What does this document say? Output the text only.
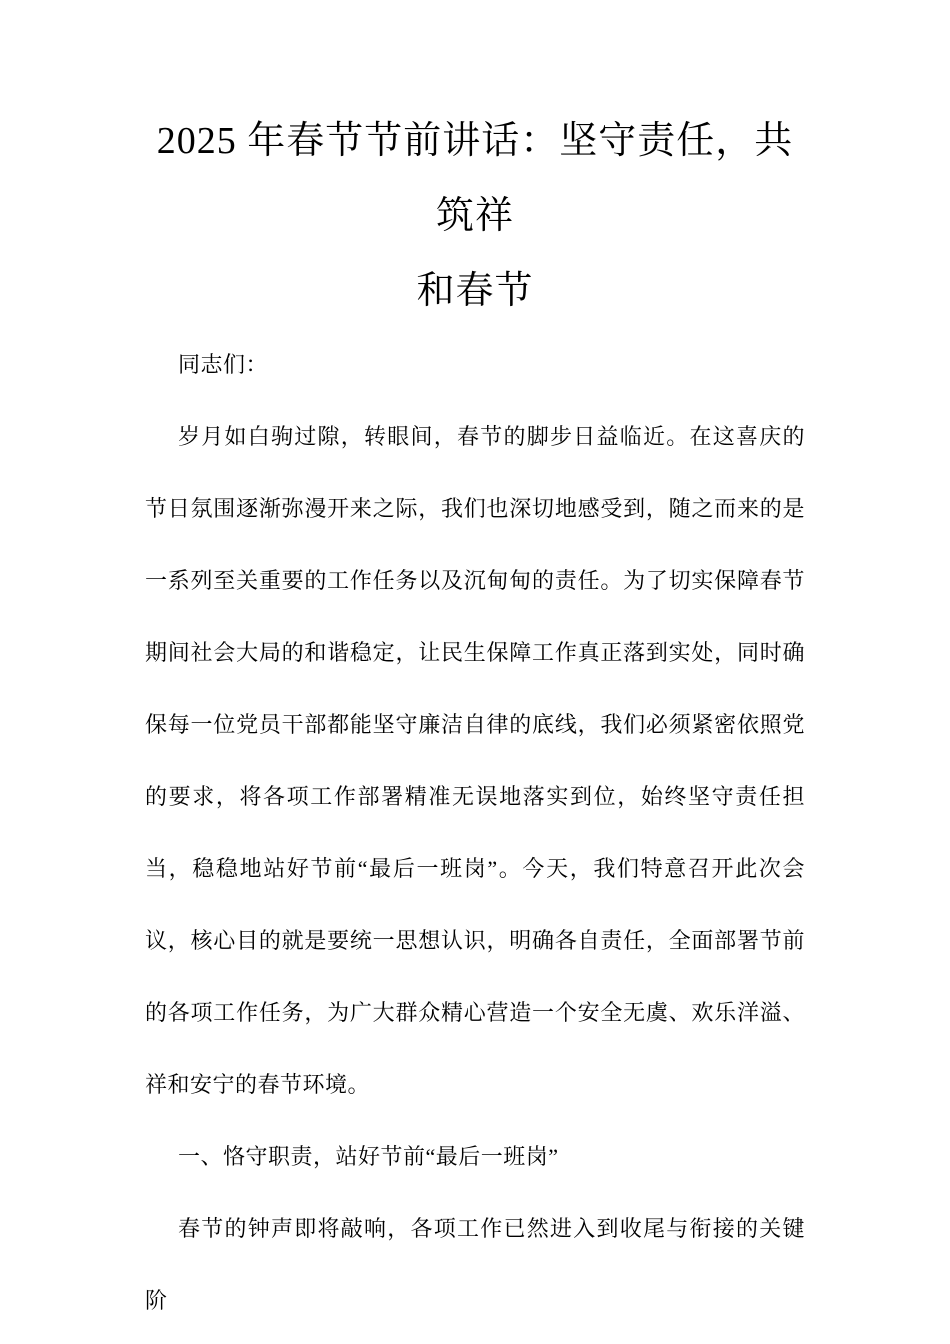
2025 年春节节前讲话：坚守责任，共筑祥
和春节

同志们：

岁月如白驹过隙，转眼间，春节的脚步日益临近。在这喜庆的节日氛围逐渐弥漫开来之际，我们也深切地感受到，随之而来的是一系列至关重要的工作任务以及沉甸甸的责任。为了切实保障春节期间社会大局的和谐稳定，让民生保障工作真正落到实处，同时确保每一位党员干部都能坚守廉洁自律的底线，我们必须紧密依照党的要求，将各项工作部署精准无误地落实到位，始终坚守责任担当，稳稳地站好节前“最后一班岗”。今天，我们特意召开此次会议，核心目的就是要统一思想认识，明确各自责任，全面部署节前的各项工作任务，为广大群众精心营造一个安全无虞、欢乐洋溢、祥和安宁的春节环境。

一、恪守职责，站好节前“最后一班岗”

春节的钟声即将敲响，各项工作已然进入到收尾与衔接的关键阶
